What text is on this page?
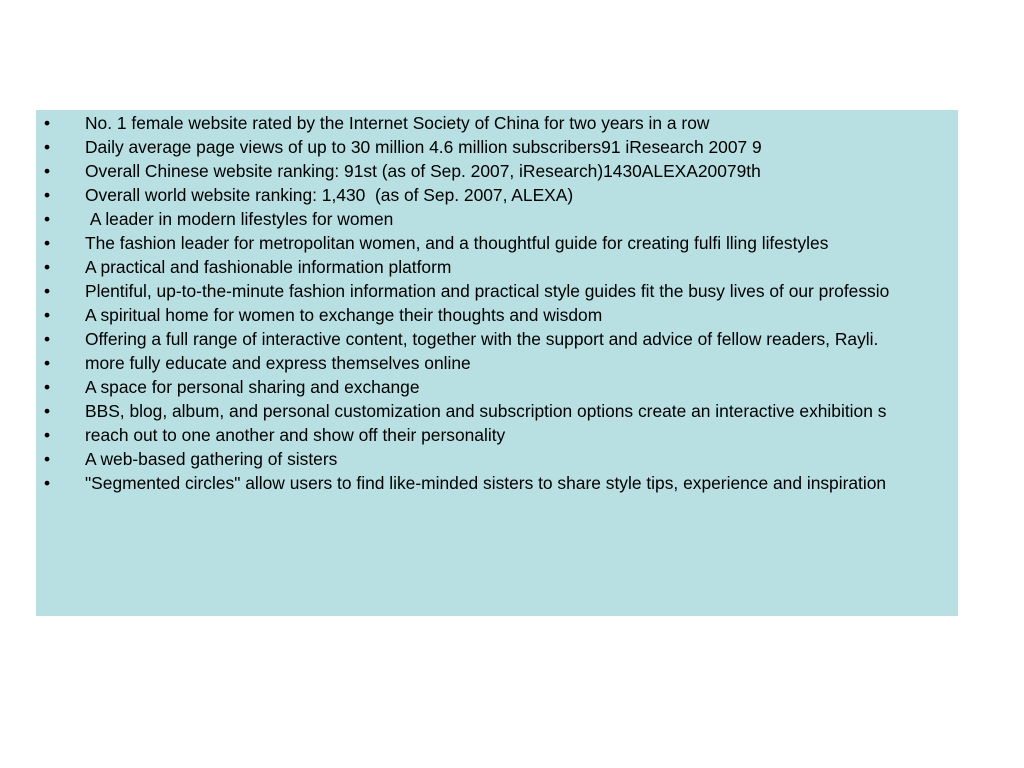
• No. 1 female website rated by the Internet Society of China for two years in a row
• Daily average page views of up to 30 million 4.6 million subscribers91 iResearch 2007 9
• Overall Chinese website ranking: 91st (as of Sep. 2007, iResearch)1430ALEXA20079th
• Overall world website ranking: 1,430  (as of Sep. 2007, ALEXA)
• A leader in modern lifestyles for women
• The fashion leader for metropolitan women, and a thoughtful guide for creating fulfi lling lifestyles
• A practical and fashionable information platform
• Plentiful, up-to-the-minute fashion information and practical style guides fit the busy lives of our professio
• A spiritual home for women to exchange their thoughts and wisdom
• Offering a full range of interactive content, together with the support and advice of fellow readers, Rayli.
• more fully educate and express themselves online
• A space for personal sharing and exchange
• BBS, blog, album, and personal customization and subscription options create an interactive exhibition s
• reach out to one another and show off their personality
• A web-based gathering of sisters
• "Segmented circles" allow users to find like-minded sisters to share style tips, experience and inspiration
